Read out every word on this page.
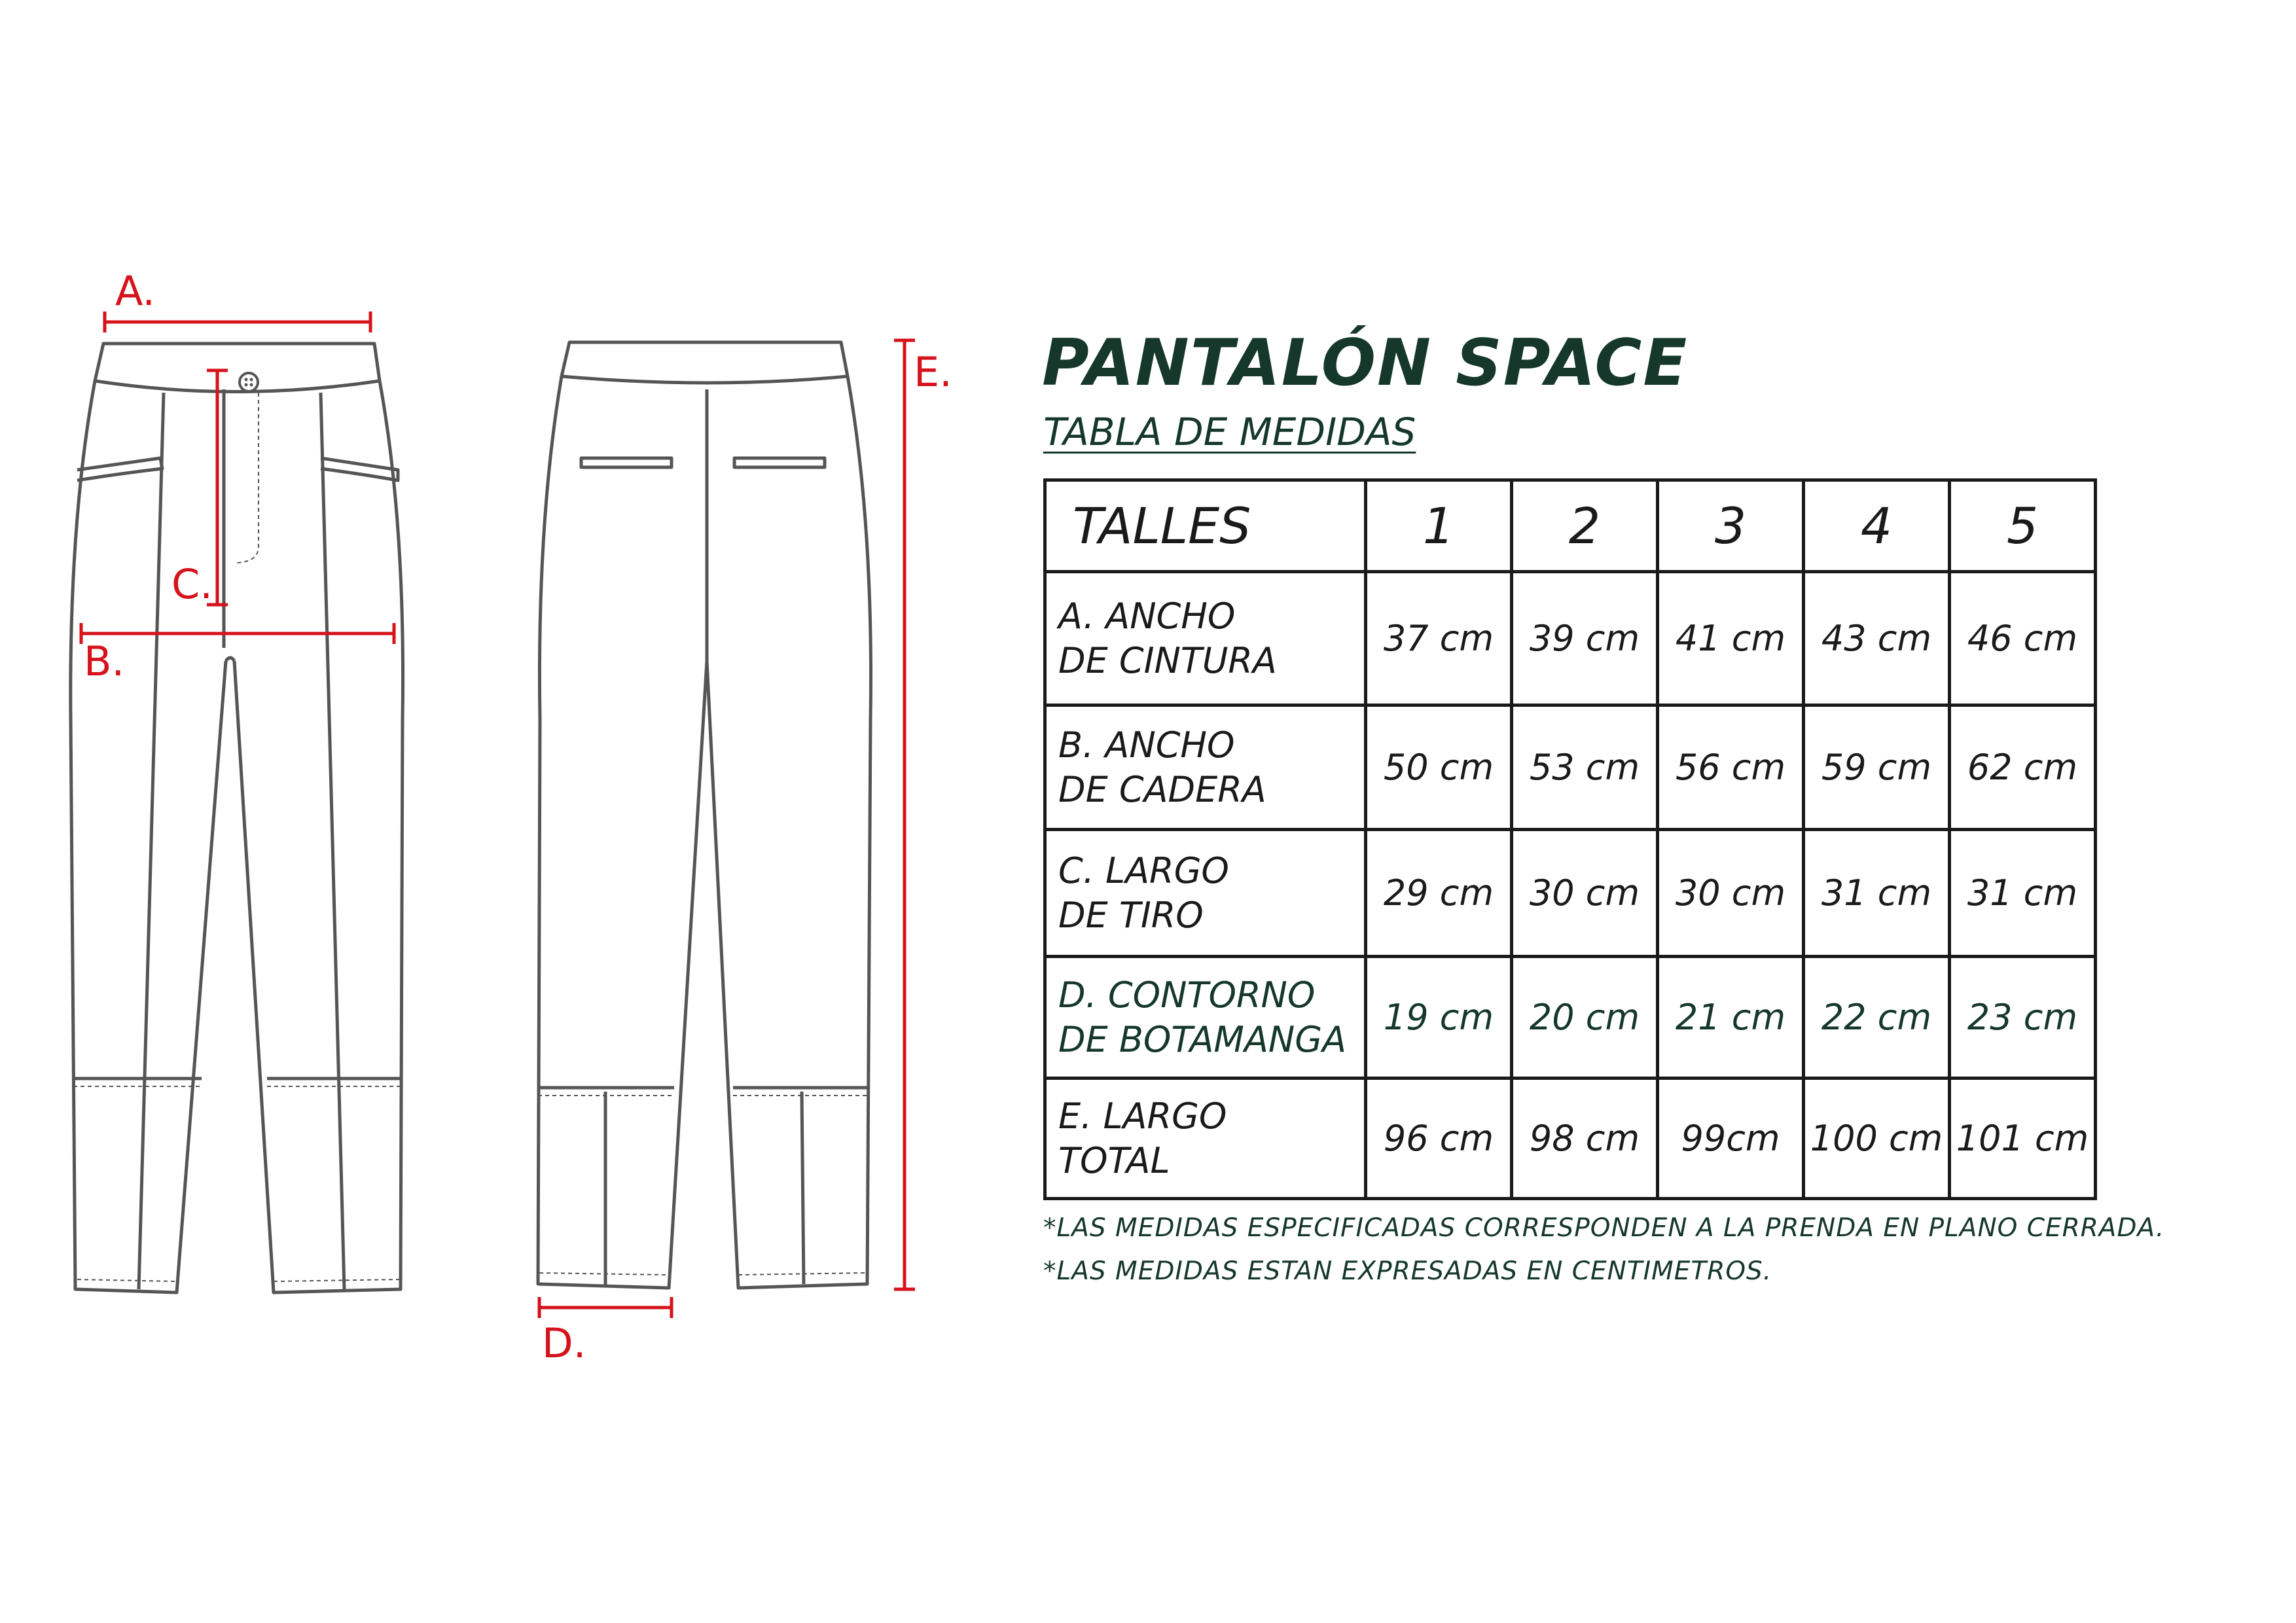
A.
B.
C.
D.
E. PANTALÓN SPACE
TABLA DE MEDIDAS
TALLES	1	2	3	4	5

A. ANCHO
DE CINTURA	37 cm	39 cm	41 cm	43 cm	46 cm

B. ANCHO
DE CADERA	50 cm	53 cm	56 cm	59 cm	62 cm

C. LARGO
DE TIRO	29 cm	30 cm	30 cm	31 cm	31 cm

D. CONTORNO
DE BOTAMANGA	19 cm	20 cm	21 cm	22 cm	23 cm

E. LARGO
TOTAL	96 cm	98 cm	99cm	100 cm	101 cm
*LAS MEDIDAS ESPECIFICADAS CORRESPONDEN A LA PRENDA EN PLANO CERRADA.
*LAS MEDIDAS ESTAN EXPRESADAS EN CENTIMETROS.
